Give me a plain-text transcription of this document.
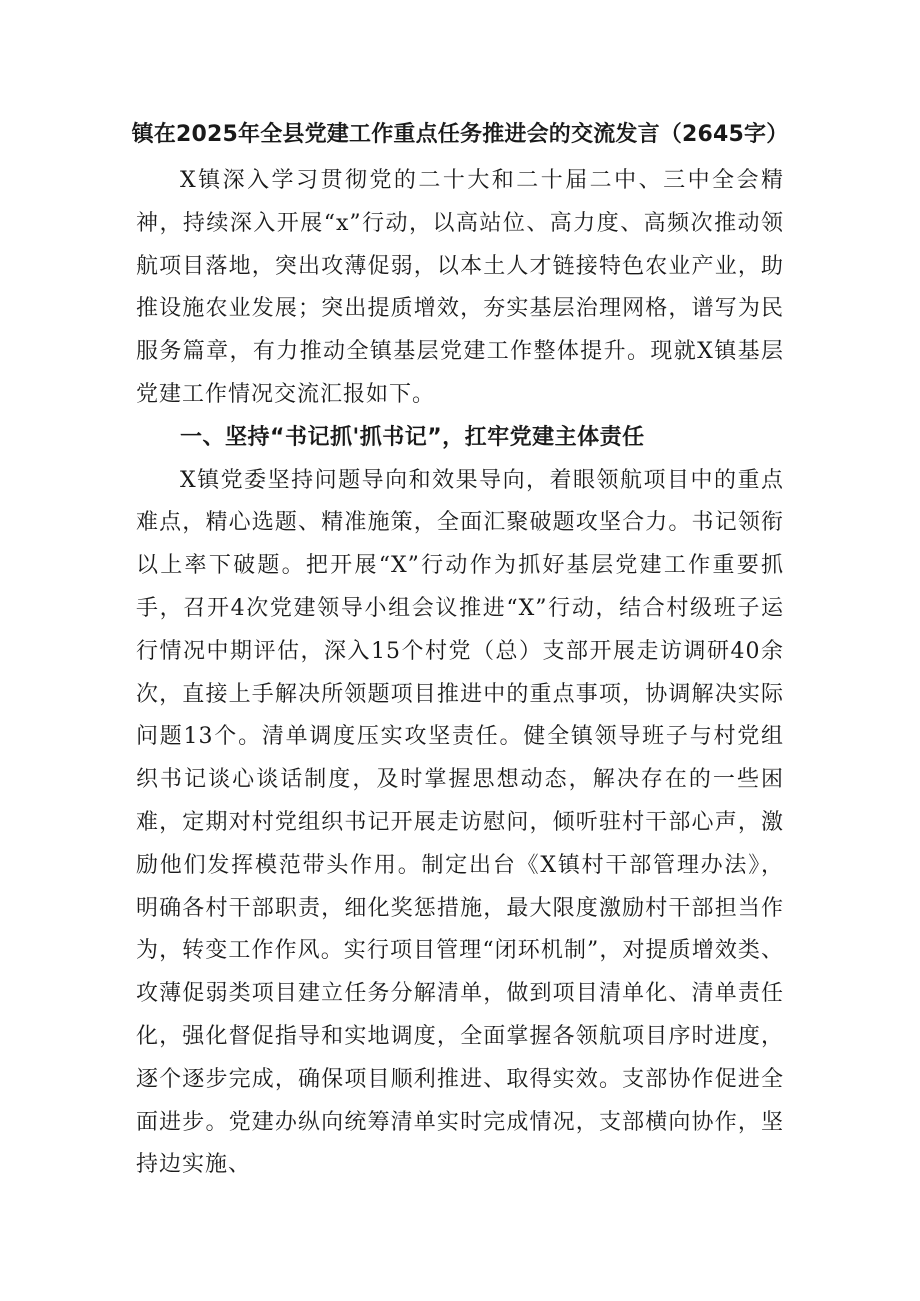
镇在2025年全县党建工作重点任务推进会的交流发言（2645字）

X镇深入学习贯彻党的二十大和二十届二中、三中全会精神，持续深入开展“x”行动，以高站位、高力度、高频次推动领航项目落地，突出攻薄促弱，以本土人才链接特色农业产业，助推设施农业发展；突出提质增效，夯实基层治理网格，谱写为民服务篇章，有力推动全镇基层党建工作整体提升。现就X镇基层党建工作情况交流汇报如下。

一、坚持“书记抓'抓书记”，扛牢党建主体责任

X镇党委坚持问题导向和效果导向，着眼领航项目中的重点难点，精心选题、精准施策，全面汇聚破题攻坚合力。书记领衔以上率下破题。把开展“X”行动作为抓好基层党建工作重要抓手，召开4次党建领导小组会议推进“X”行动，结合村级班子运行情况中期评估，深入15个村党（总）支部开展走访调研40余次，直接上手解决所领题项目推进中的重点事项，协调解决实际问题13个。清单调度压实攻坚责任。健全镇领导班子与村党组织书记谈心谈话制度，及时掌握思想动态，解决存在的一些困难，定期对村党组织书记开展走访慰问，倾听驻村干部心声，激励他们发挥模范带头作用。制定出台《X镇村干部管理办法》，明确各村干部职责，细化奖惩措施，最大限度激励村干部担当作为，转变工作作风。实行项目管理“闭环机制”，对提质增效类、攻薄促弱类项目建立任务分解清单，做到项目清单化、清单责任化，强化督促指导和实地调度，全面掌握各领航项目序时进度，逐个逐步完成，确保项目顺利推进、取得实效。支部协作促进全面进步。党建办纵向统筹清单实时完成情况，支部横向协作，坚持边实施、
